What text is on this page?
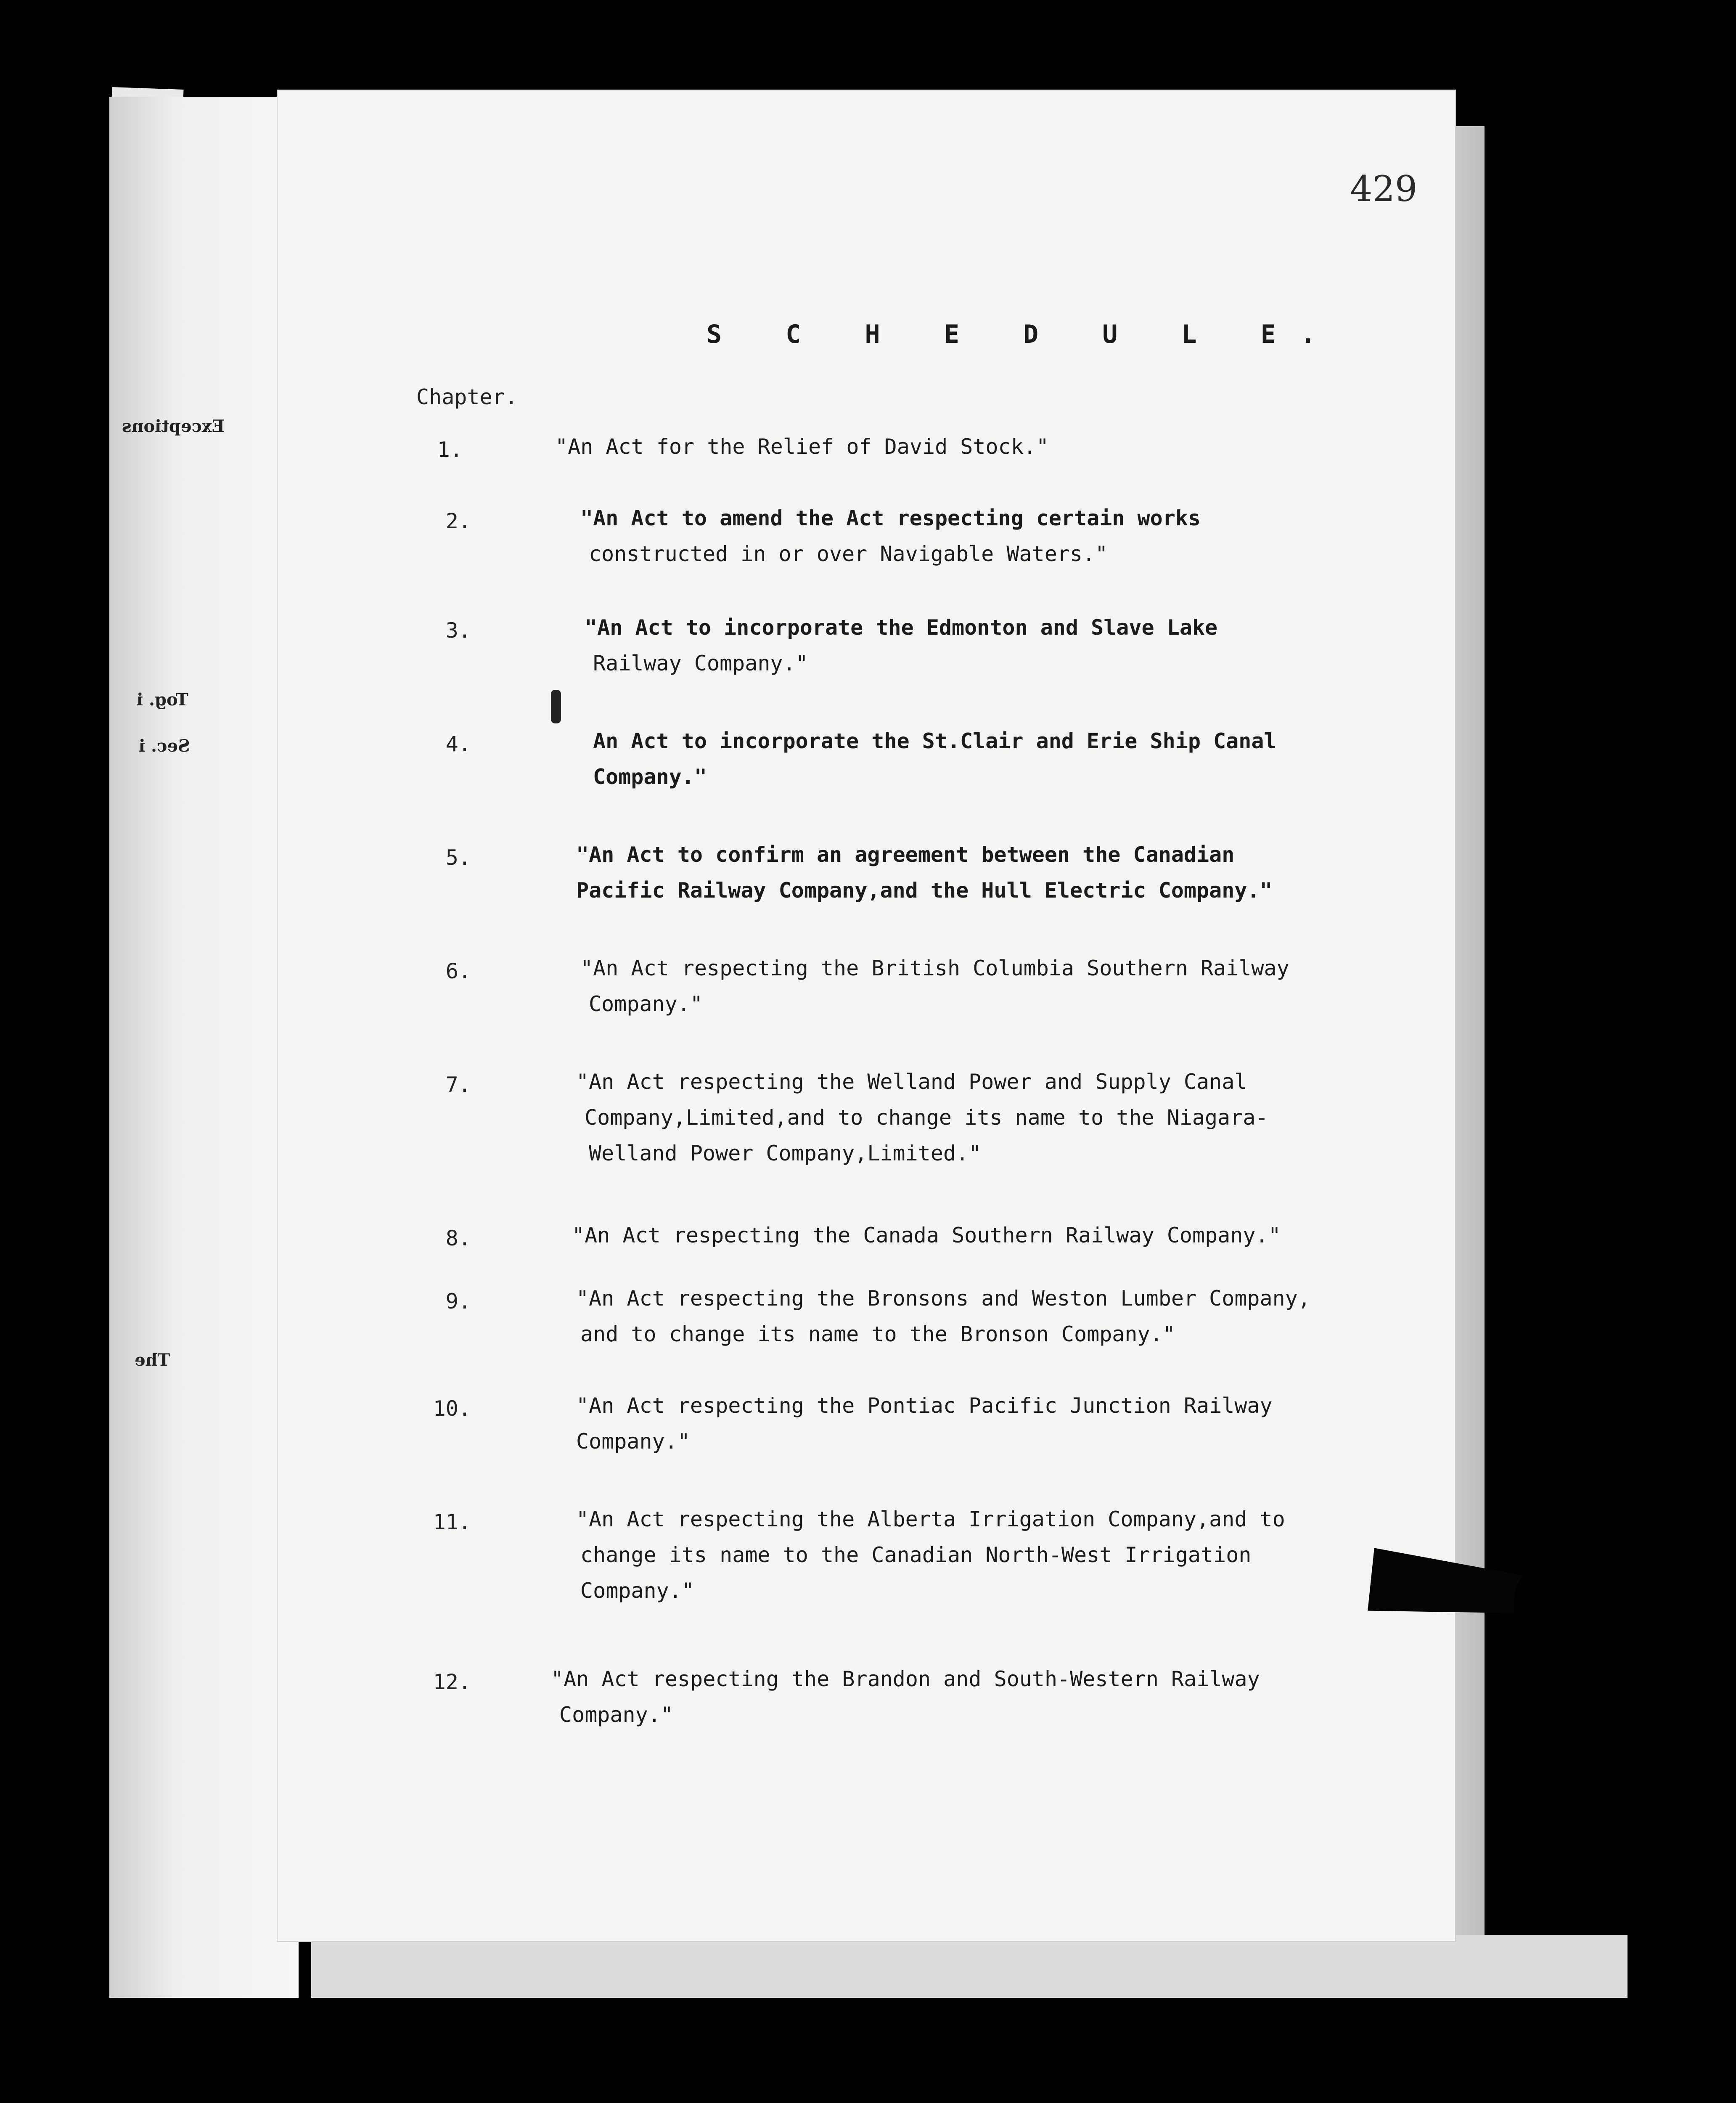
Exceptions
Tog. i
Sec. i
The
429
S C H E D U L E.
Chapter.
1.	"An Act for the Relief of David Stock."
2.	"An Act to amend the Act respecting certain works
constructed in or over Navigable Waters."
3.	"An Act to incorporate the Edmonton and Slave Lake
Railway Company."
4.	An Act to incorporate the St.Clair and Erie Ship Canal
Company."
5.	"An Act to confirm an agreement between the Canadian
Pacific Railway Company,and the Hull Electric Company."
6.	"An Act respecting the British Columbia Southern Railway
Company."
7.	"An Act respecting the Welland Power and Supply Canal
Company,Limited,and to change its name to the Niagara-
Welland Power Company,Limited."
8.	"An Act respecting the Canada Southern Railway Company."
9.	"An Act respecting the Bronsons and Weston Lumber Company,
and to change its name to the Bronson Company."
10.	"An Act respecting the Pontiac Pacific Junction Railway
Company."
11.	"An Act respecting the Alberta Irrigation Company,and to
change its name to the Canadian North-West Irrigation
Company."
12.	"An Act respecting the Brandon and South-Western Railway
Company."
